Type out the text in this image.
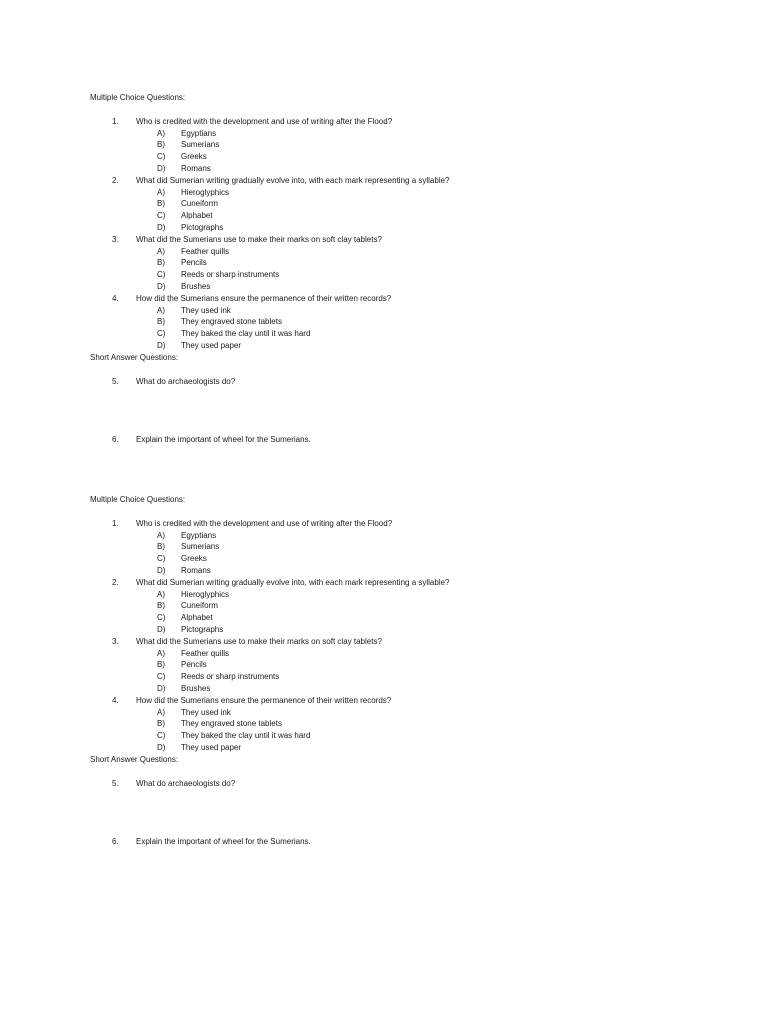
Multiple Choice Questions:
1. Who is credited with the development and use of writing after the Flood?
A) Egyptians
B) Sumerians
C) Greeks
D) Romans
2. What did Sumerian writing gradually evolve into, with each mark representing a syllable?
A) Hieroglyphics
B) Cuneiform
C) Alphabet
D) Pictographs
3. What did the Sumerians use to make their marks on soft clay tablets?
A) Feather quills
B) Pencils
C) Reeds or sharp instruments
D) Brushes
4. How did the Sumerians ensure the permanence of their written records?
A) They used ink
B) They engraved stone tablets
C) They baked the clay until it was hard
D) They used paper
Short Answer Questions:
5. What do archaeologists do?
6. Explain the important of wheel for the Sumerians.
Multiple Choice Questions:
1. Who is credited with the development and use of writing after the Flood?
A) Egyptians
B) Sumerians
C) Greeks
D) Romans
2. What did Sumerian writing gradually evolve into, with each mark representing a syllable?
A) Hieroglyphics
B) Cuneiform
C) Alphabet
D) Pictographs
3. What did the Sumerians use to make their marks on soft clay tablets?
A) Feather quills
B) Pencils
C) Reeds or sharp instruments
D) Brushes
4. How did the Sumerians ensure the permanence of their written records?
A) They used ink
B) They engraved stone tablets
C) They baked the clay until it was hard
D) They used paper
Short Answer Questions:
5. What do archaeologists do?
6. Explain the important of wheel for the Sumerians.
